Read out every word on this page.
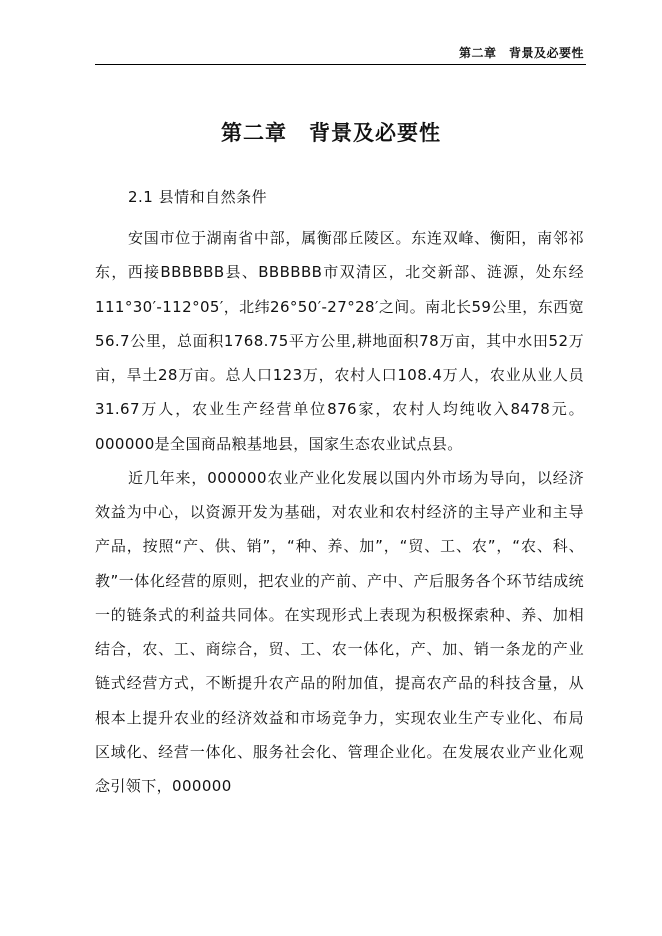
第二章　背景及必要性
第二章　背景及必要性
2.1 县情和自然条件

安国市位于湖南省中部，属衡邵丘陵区。东连双峰、衡阳，南邻祁东，西接BBBBBB县、BBBBBB市双清区，北交新部、涟源，处东经111°30′-112°05′，北纬26°50′-27°28′之间。南北长59公里，东西宽56.7公里，总面积1768.75平方公里,耕地面积78万亩，其中水田52万亩，旱土28万亩。总人口123万，农村人口108.4万人，农业从业人员31.67万人，农业生产经营单位876家，农村人均纯收入8478元。000000是全国商品粮基地县，国家生态农业试点县。

近几年来，000000农业产业化发展以国内外市场为导向，以经济效益为中心，以资源开发为基础，对农业和农村经济的主导产业和主导产品，按照“产、供、销”，“种、养、加”，“贸、工、农”，“农、科、教”一体化经营的原则，把农业的产前、产中、产后服务各个环节结成统一的链条式的利益共同体。在实现形式上表现为积极探索种、养、加相结合，农、工、商综合，贸、工、农一体化，产、加、销一条龙的产业链式经营方式，不断提升农产品的附加值，提高农产品的科技含量，从根本上提升农业的经济效益和市场竞争力，实现农业生产专业化、布局区域化、经营一体化、服务社会化、管理企业化。在发展农业产业化观念引领下，000000
